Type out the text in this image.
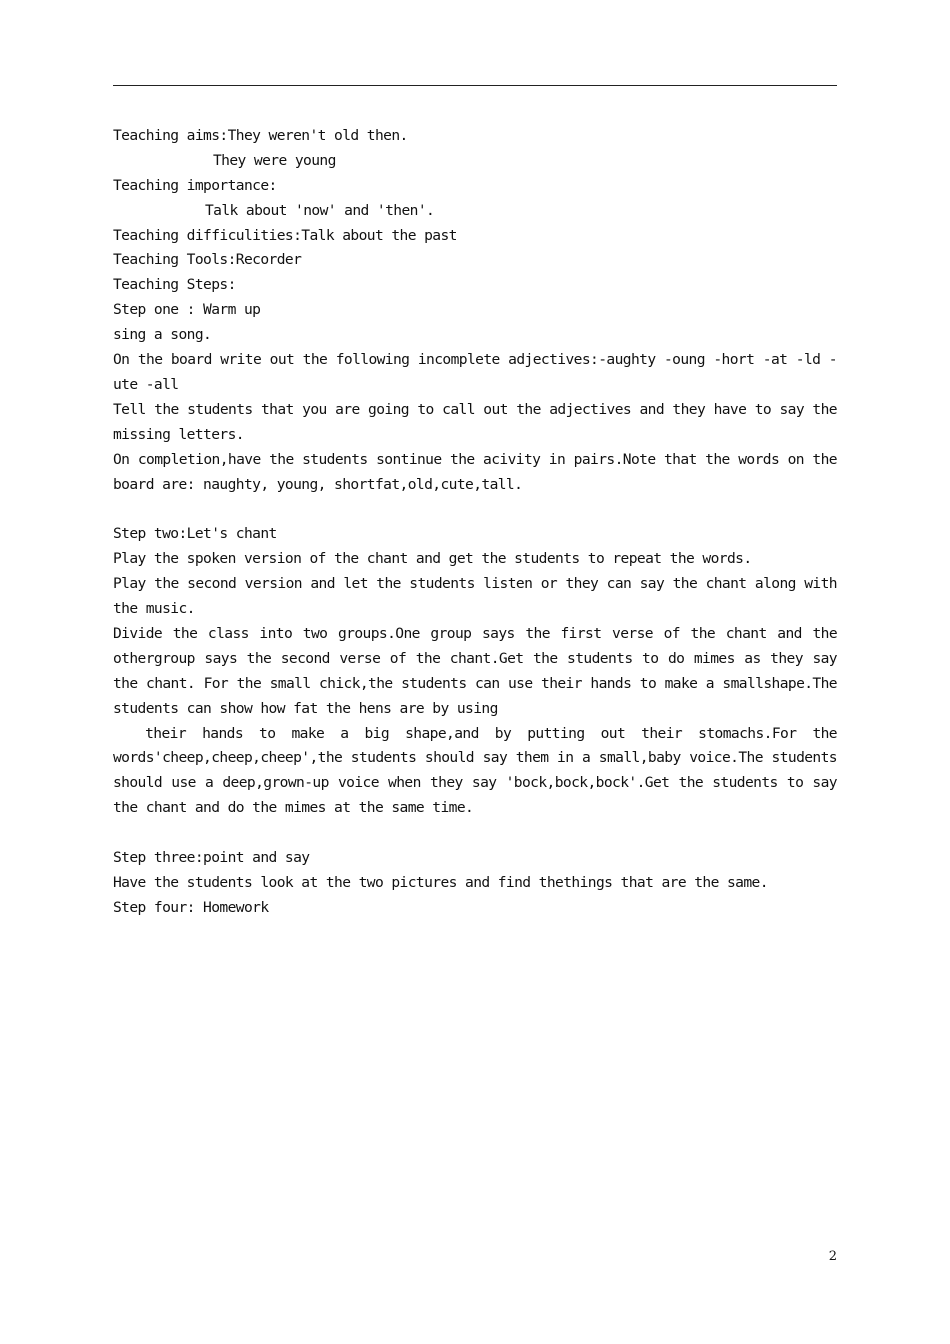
Teaching aims:They weren't old then.
They were young
Teaching importance:
Talk about 'now' and 'then'.
Teaching difficulities:Talk about the past
Teaching Tools:Recorder
Teaching Steps:
Step one : Warm up
sing a song.
On the board write out the following incomplete adjectives:-aughty -oung -hort -at -ld -ute -all
Tell the students that you are going to call out the adjectives and they have to say the missing letters.
On completion,have the students sontinue the acivity in pairs.Note that the words on the board are: naughty, young, shortfat,old,cute,tall.
Step two:Let's chant
Play the spoken version of the chant and get the students to repeat the words.
Play the second version and let the students listen or they can say the chant along with the music.
Divide the class into two groups.One group says the first verse of the chant and the othergroup says the second verse of the chant.Get the students to do mimes as they say the chant. For the small chick,the students can use their hands to make a smallshape.The students can show how fat the hens are by using
their hands to make a big shape,and by putting out their stomachs.For the words'cheep,cheep,cheep',the students should say them in a small,baby voice.The students should use a deep,grown-up voice when they say 'bock,bock,bock'.Get the students to say the chant and do the mimes at the same time.
Step three:point and say
Have the students look at the two pictures and find thethings that are the same.
Step four: Homework
2
